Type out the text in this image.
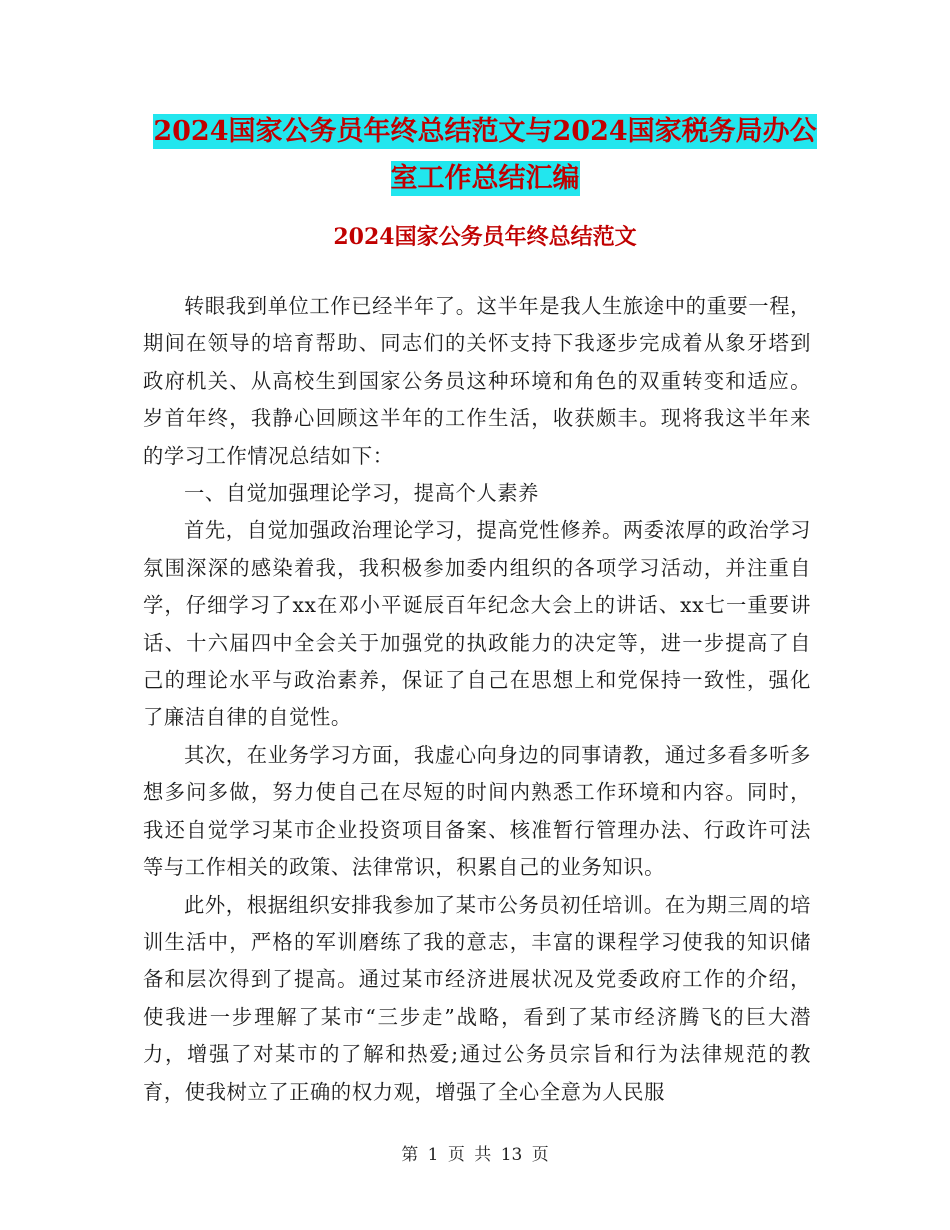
2024国家公务员年终总结范文与2024国家税务局办公
室工作总结汇编
2024国家公务员年终总结范文

转眼我到单位工作已经半年了。这半年是我人生旅途中的重要一程，期间在领导的培育帮助、同志们的关怀支持下我逐步完成着从象牙塔到政府机关、从高校生到国家公务员这种环境和角色的双重转变和适应。岁首年终，我静心回顾这半年的工作生活，收获颇丰。现将我这半年来的学习工作情况总结如下：

一、自觉加强理论学习，提高个人素养

首先，自觉加强政治理论学习，提高党性修养。两委浓厚的政治学习氛围深深的感染着我，我积极参加委内组织的各项学习活动，并注重自学，仔细学习了xx在邓小平诞辰百年纪念大会上的讲话、xx七一重要讲话、十六届四中全会关于加强党的执政能力的决定等，进一步提高了自己的理论水平与政治素养，保证了自己在思想上和党保持一致性，强化了廉洁自律的自觉性。

其次，在业务学习方面，我虚心向身边的同事请教，通过多看多听多想多问多做，努力使自己在尽短的时间内熟悉工作环境和内容。同时，我还自觉学习某市企业投资项目备案、核准暂行管理办法、行政许可法等与工作相关的政策、法律常识，积累自己的业务知识。

此外，根据组织安排我参加了某市公务员初任培训。在为期三周的培训生活中，严格的军训磨练了我的意志，丰富的课程学习使我的知识储备和层次得到了提高。通过某市经济进展状况及党委政府工作的介绍，使我进一步理解了某市“三步走”战略，看到了某市经济腾飞的巨大潜力，增强了对某市的了解和热爱;通过公务员宗旨和行为法律规范的教育，使我树立了正确的权力观，增强了全心全意为人民服

第 1 页 共 13 页
